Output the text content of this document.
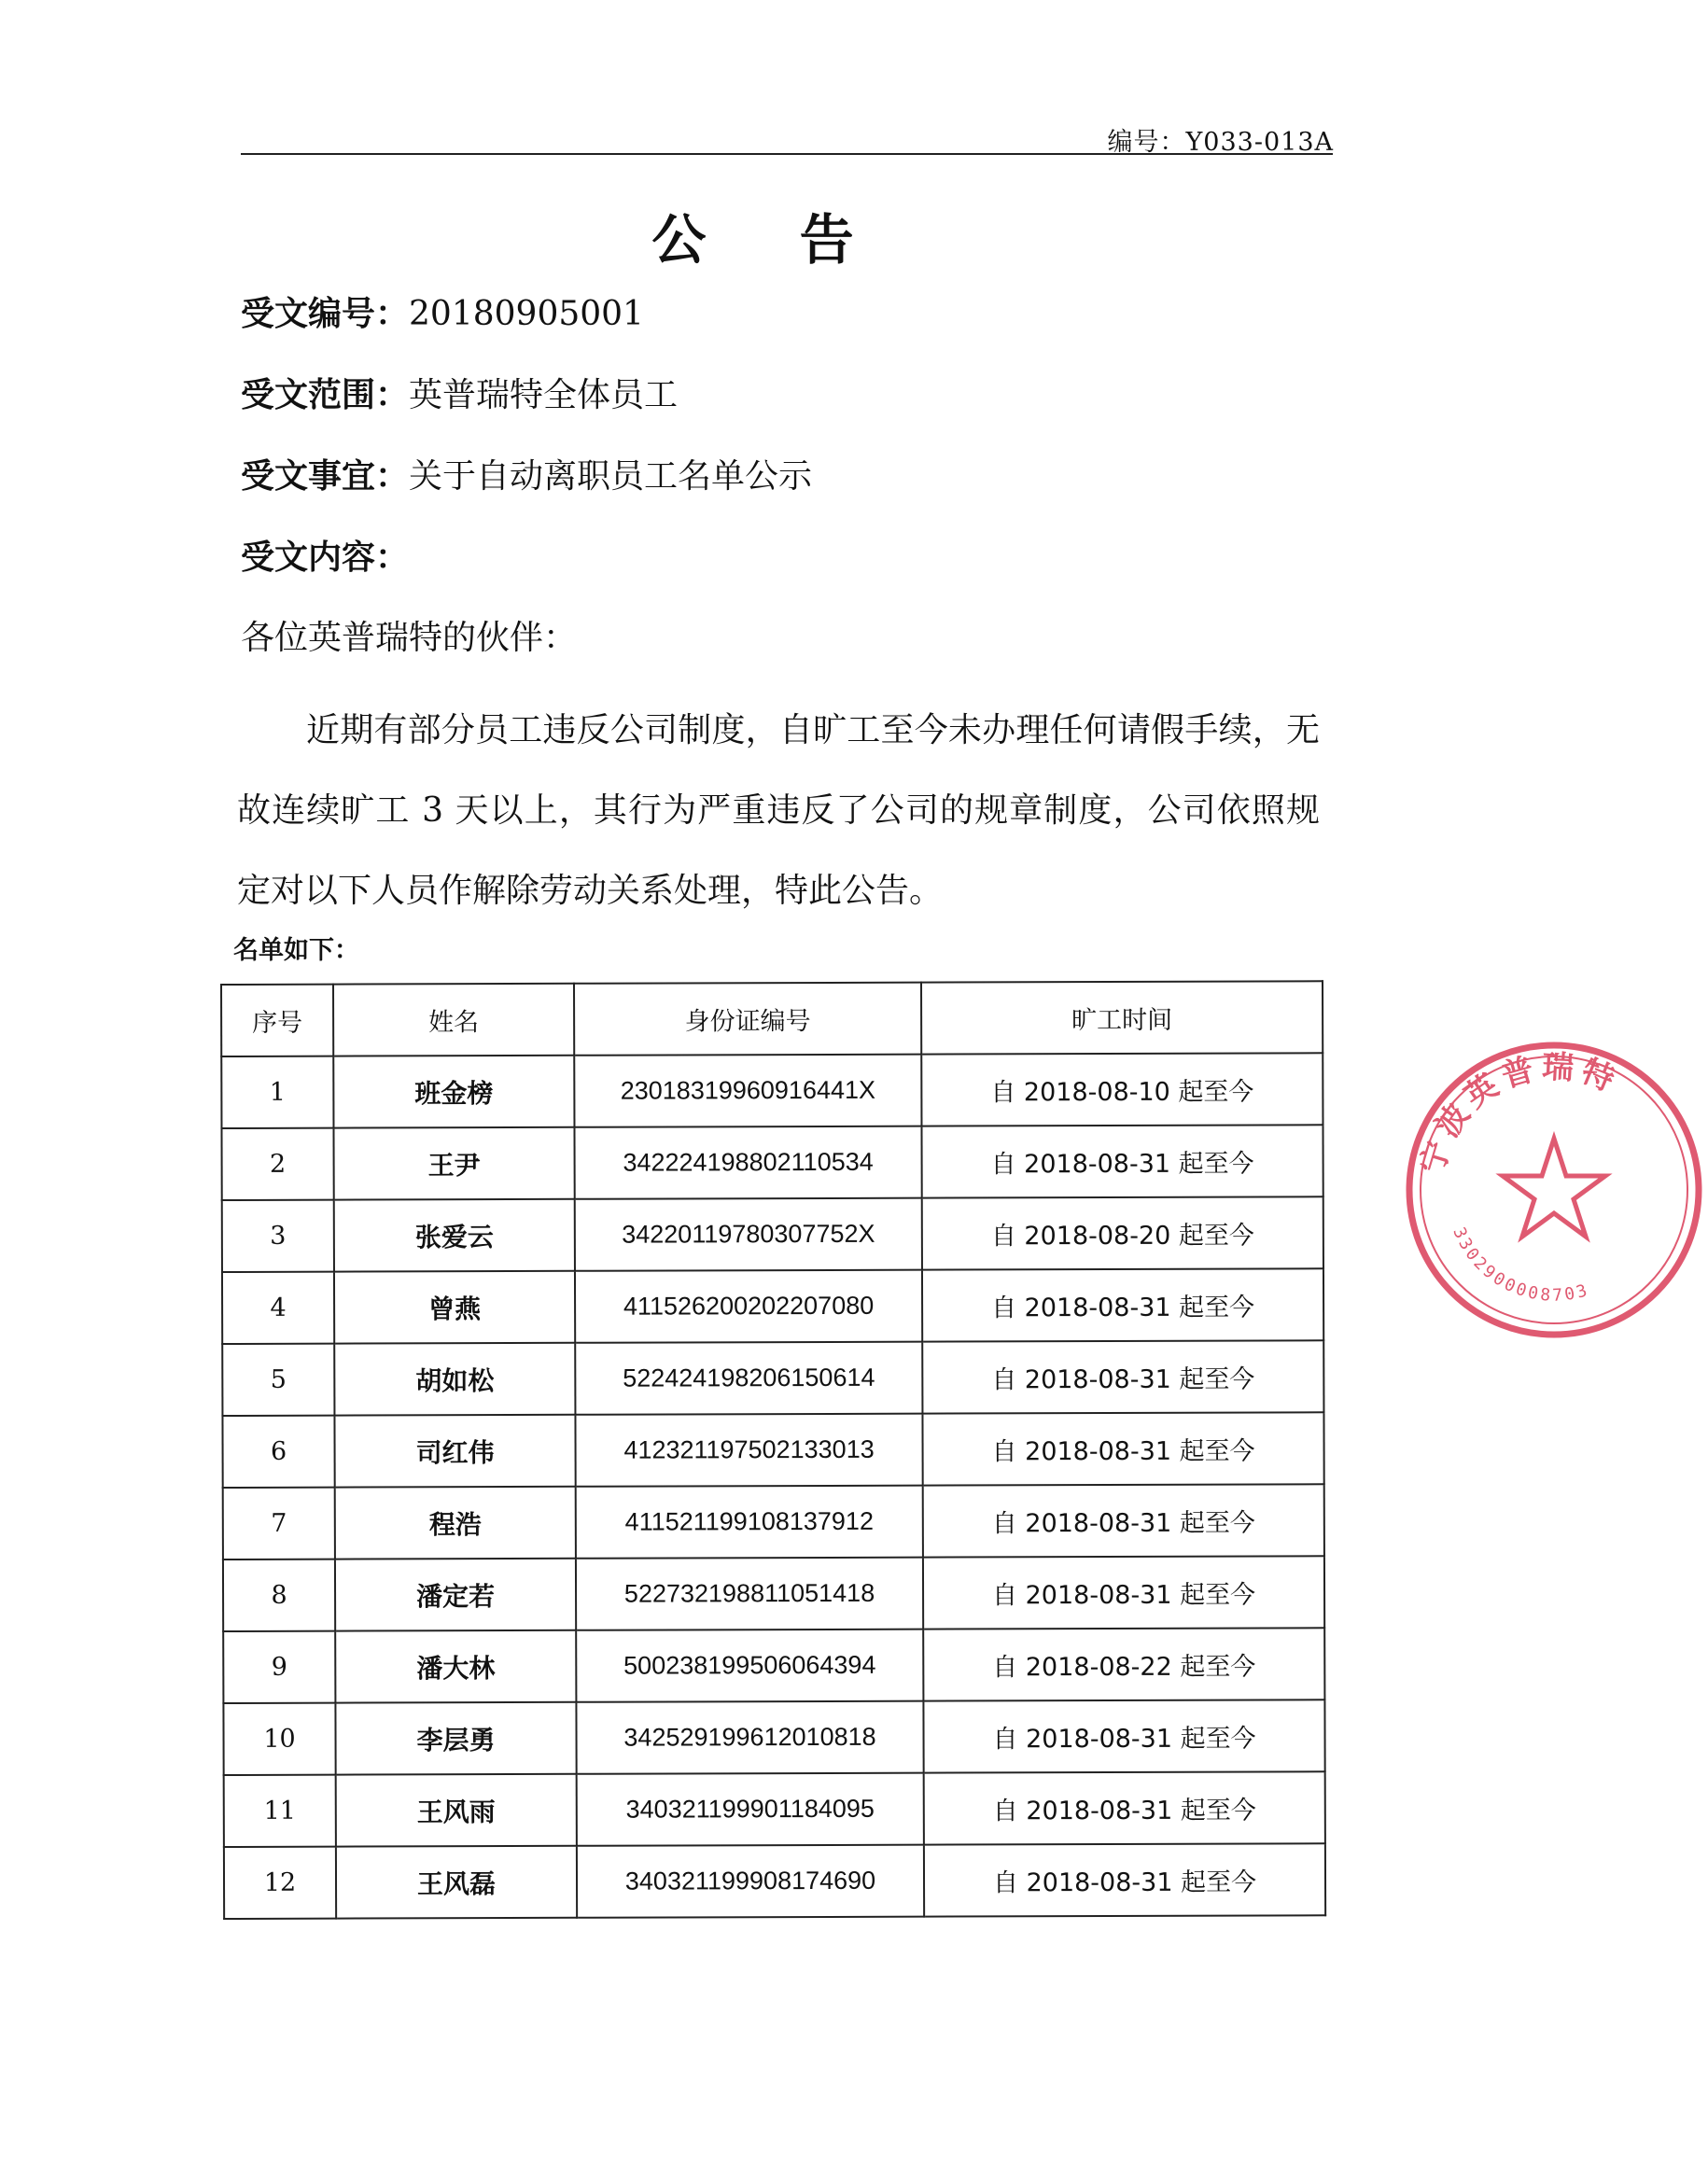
编号：Y033-013A
公 告
受文编号：20180905001
受文范围：英普瑞特全体员工
受文事宜：关于自动离职员工名单公示
受文内容：
各位英普瑞特的伙伴：
近期有部分员工违反公司制度，自旷工至今未办理任何请假手续，无故连续旷工 3 天以上，其行为严重违反了公司的规章制度，公司依照规定对以下人员作解除劳动关系处理，特此公告。
名单如下：
序号	姓名	身份证编号	旷工时间
1	班金榜	23018319960916441X	自 2018-08-10 起至今
2	王尹	342224198802110534	自 2018-08-31 起至今
3	张爱云	34220119780307752X	自 2018-08-20 起至今
4	曾燕	411526200202207080	自 2018-08-31 起至今
5	胡如松	522424198206150614	自 2018-08-31 起至今
6	司红伟	412321197502133013	自 2018-08-31 起至今
7	程浩	411521199108137912	自 2018-08-31 起至今
8	潘定若	522732198811051418	自 2018-08-31 起至今
9	潘大林	500238199506064394	自 2018-08-22 起至今
10	李层勇	342529199612010818	自 2018-08-31 起至今
11	王风雨	340321199901184095	自 2018-08-31 起至今
12	王风磊	340321199908174690	自 2018-08-31 起至今
宁波英普瑞特
3302900008703
